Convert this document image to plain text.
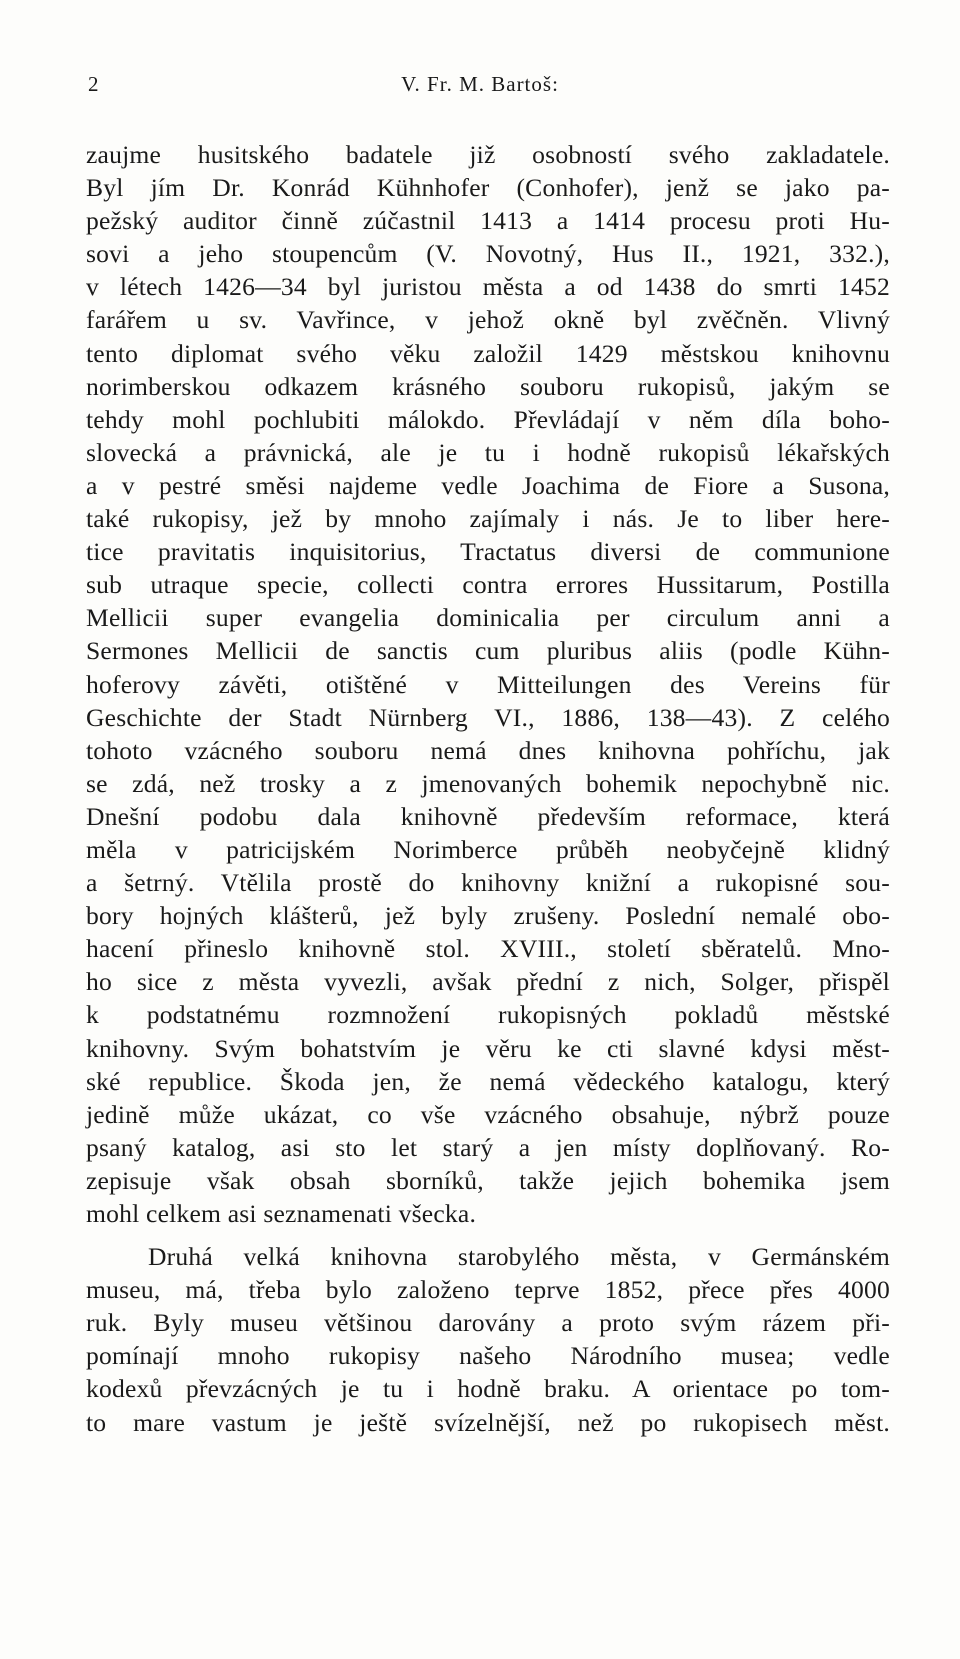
2	V. Fr. M. Bartoš:
zaujme husitského badatele již osobností svého zakladatele.
Byl jím Dr. Konrád Kühnhofer (Conhofer), jenž se jako pa-
pežský auditor činně zúčastnil 1413 a 1414 procesu proti Hu-
sovi a jeho stoupencům (V. Novotný, Hus II., 1921, 332.),
v létech 1426—34 byl juristou města a od 1438 do smrti 1452
farářem u sv. Vavřince, v jehož okně byl zvěčněn. Vlivný
tento diplomat svého věku založil 1429 městskou knihovnu
norimberskou odkazem krásného souboru rukopisů, jakým se
tehdy mohl pochlubiti málokdo. Převládají v něm díla boho-
slovecká a právnická, ale je tu i hodně rukopisů lékařských
a v pestré směsi najdeme vedle Joachima de Fiore a Susona,
také rukopisy, jež by mnoho zajímaly i nás. Je to liber here-
tice pravitatis inquisitorius, Tractatus diversi de communione
sub utraque specie, collecti contra errores Hussitarum, Postilla
Mellicii super evangelia dominicalia per circulum anni a
Sermones Mellicii de sanctis cum pluribus aliis (podle Kühn-
hoferovy závěti, otištěné v Mitteilungen des Vereins für
Geschichte der Stadt Nürnberg VI., 1886, 138—43). Z celého
tohoto vzácného souboru nemá dnes knihovna pohříchu, jak
se zdá, než trosky a z jmenovaných bohemik nepochybně nic.
Dnešní podobu dala knihovně především reformace, která
měla v patricijském Norimberce průběh neobyčejně klidný
a šetrný. Vtělila prostě do knihovny knižní a rukopisné sou-
bory hojných klášterů, jež byly zrušeny. Poslední nemalé obo-
hacení přineslo knihovně stol. XVIII., století sběratelů. Mno-
ho sice z města vyvezli, avšak přední z nich, Solger, přispěl
k podstatnému rozmnožení rukopisných pokladů městské
knihovny. Svým bohatstvím je věru ke cti slavné kdysi měst-
ské republice. Škoda jen, že nemá vědeckého katalogu, který
jedině může ukázat, co vše vzácného obsahuje, nýbrž pouze
psaný katalog, asi sto let starý a jen místy doplňovaný. Ro-
zepisuje však obsah sborníků, takže jejich bohemika jsem
mohl celkem asi seznamenati všecka.
Druhá velká knihovna starobylého města, v Germánském
museu, má, třeba bylo založeno teprve 1852, přece přes 4000
ruk. Byly museu většinou darovány a proto svým rázem při-
pomínají mnoho rukopisy našeho Národního musea; vedle
kodexů převzácných je tu i hodně braku. A orientace po tom-
to mare vastum je ještě svízelnější, než po rukopisech měst.
